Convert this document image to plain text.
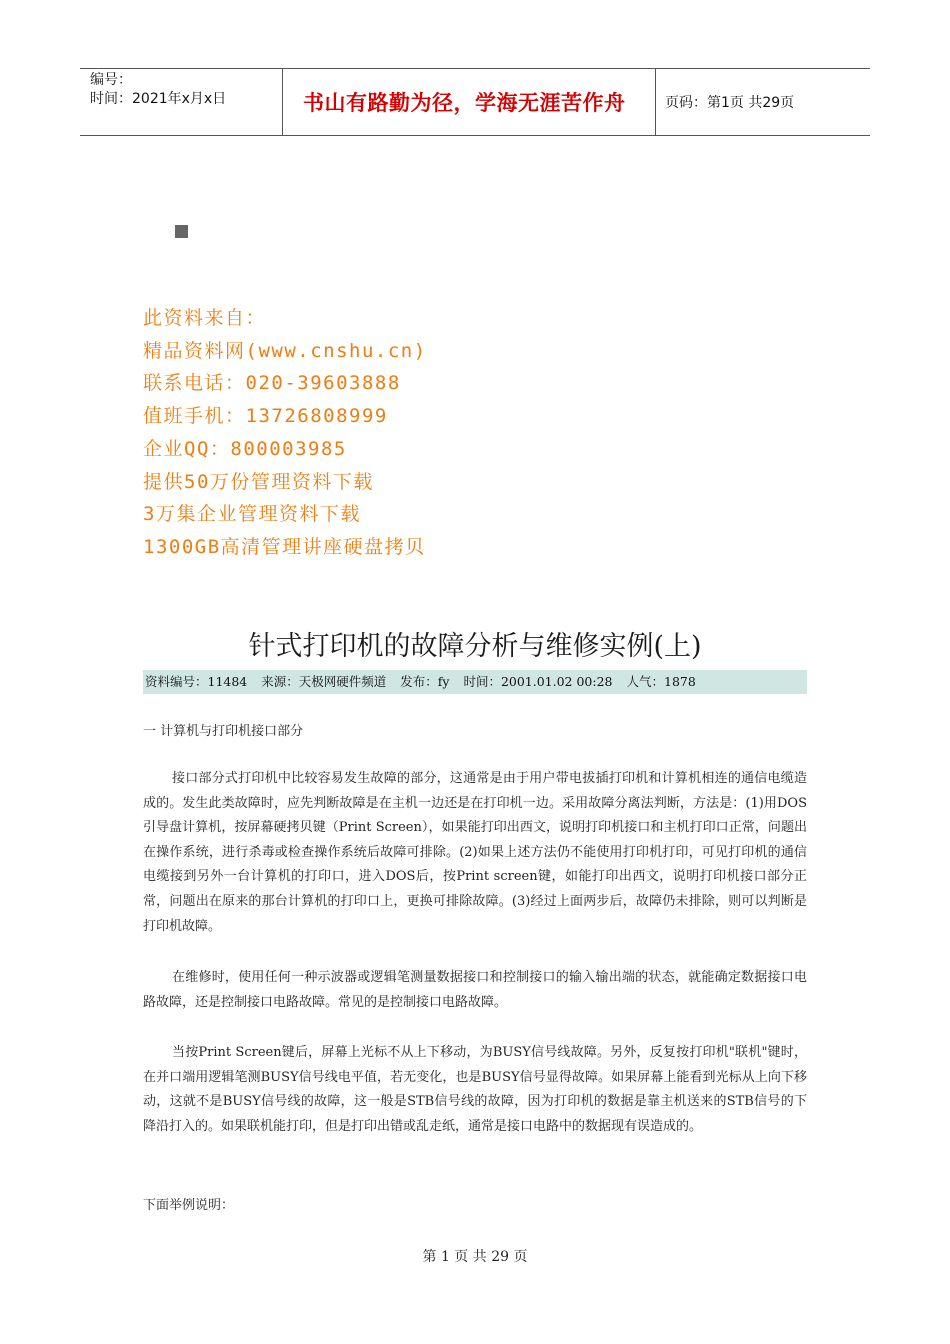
编号：
时间：2021年x月x日	书山有路勤为径，学海无涯苦作舟	页码：第1页 共29页
此资料来自：
精品资料网(www.cnshu.cn)
联系电话：020-39603888
值班手机：13726808999
企业QQ：800003985
提供50万份管理资料下载
3万集企业管理资料下载
1300GB高清管理讲座硬盘拷贝
针式打印机的故障分析与维修实例(上)
资料编号：11484 来源：天极网硬件频道 发布：fy 时间：2001.01.02 00:28 人气：1878
一 计算机与打印机接口部分
接口部分式打印机中比较容易发生故障的部分，这通常是由于用户带电拔插打印机和计算机相连的通信电缆造成的。发生此类故障时，应先判断故障是在主机一边还是在打印机一边。采用故障分离法判断，方法是：(1)用DOS引导盘计算机，按屏幕硬拷贝键（Print Screen），如果能打印出西文，说明打印机接口和主机打印口正常，问题出在操作系统，进行杀毒或检查操作系统后故障可排除。(2)如果上述方法仍不能使用打印机打印，可见打印机的通信电缆接到另外一台计算机的打印口，进入DOS后，按Print screen键，如能打印出西文，说明打印机接口部分正常，问题出在原来的那台计算机的打印口上，更换可排除故障。(3)经过上面两步后，故障仍未排除，则可以判断是打印机故障。
在维修时，使用任何一种示波器或逻辑笔测量数据接口和控制接口的输入输出端的状态，就能确定数据接口电路故障，还是控制接口电路故障。常见的是控制接口电路故障。
当按Print Screen键后，屏幕上光标不从上下移动，为BUSY信号线故障。另外，反复按打印机"联机"键时，在并口端用逻辑笔测BUSY信号线电平值，若无变化，也是BUSY信号显得故障。如果屏幕上能看到光标从上向下移动，这就不是BUSY信号线的故障，这一般是STB信号线的故障，因为打印机的数据是靠主机送来的STB信号的下降沿打入的。如果联机能打印，但是打印出错或乱走纸，通常是接口电路中的数据现有误造成的。
下面举例说明：
第 1 页 共 29 页
